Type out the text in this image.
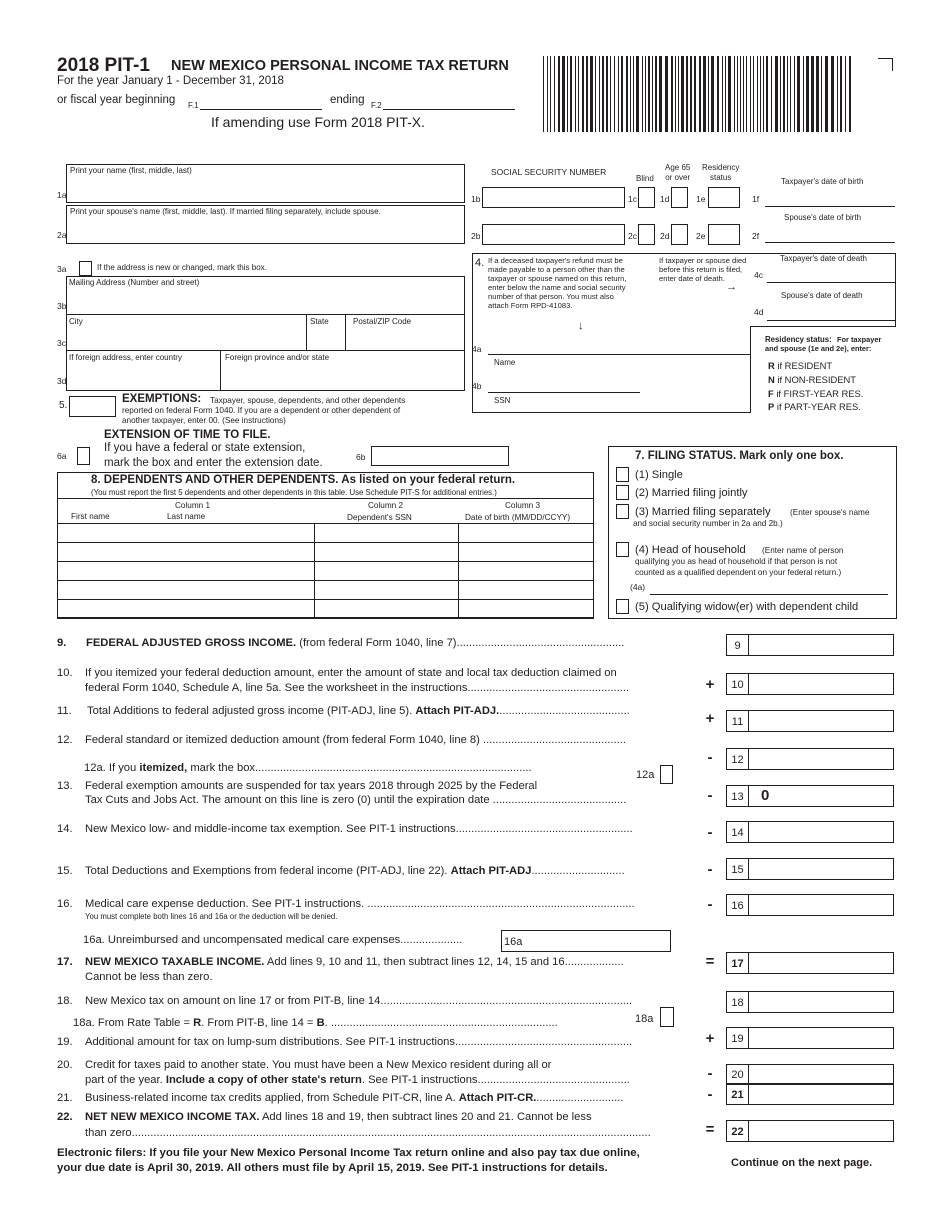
2018 PIT-1 NEW MEXICO PERSONAL INCOME TAX RETURN
For the year January 1 - December 31, 2018
or fiscal year beginning F.1	ending F.2
If amending use Form 2018 PIT-X.
1a
Print your name (first, middle, last)
2a
Print your spouse's name (first, middle, last). If married filing separately, include spouse.
SOCIAL SECURITY NUMBER
Blind
Age 65
or over
Residency
status	Taxpayer's date of birth
Spouse's date of birth
1b	1c	1d	1e	1f
2b	2c	2d	2e	2f
3a	If the address is new or changed, mark this box.
Mailing Address (Number and street)
3b
City	State	Postal/ZIP Code
3c
If foreign address, enter country	Foreign province and/or state
3d
4. If a deceased taxpayer's refund must be made payable to a person other than the taxpayer or spouse named on this return, enter below the name and social security number of that person. You must also attach Form RPD-41083.
↓
If taxpayer or spouse died before this return is filed, enter date of death.
→
Taxpayer's date of death
4c
Spouse's date of death
4d
4a
Name
4b
SSN
Residency status: For taxpayer and spouse (1e and 2e), enter:
R if RESIDENT
N if NON-RESIDENT
F if FIRST-YEAR RES.
P if PART-YEAR RES.
5.
EXEMPTIONS: Taxpayer, spouse, dependents, and other dependents
reported on federal Form 1040. If you are a dependent or other dependent of
another taxpayer, enter 00. (See instructions)
EXTENSION OF TIME TO FILE.
6a
If you have a federal or state extension,
mark the box and enter the extension date.	6b
8. DEPENDENTS AND OTHER DEPENDENTS. As listed on your federal return.
(You must report the first 5 dependents and other dependents in this table. Use Schedule PIT-S for additional entries.)
Column 1
First name	Last name
Column 2
Dependent's SSN
Column 3
Date of birth (MM/DD/CCYY)

7. FILING STATUS. Mark only one box.
(1) Single
(2) Married filing jointly
(3) Married filing separately (Enter spouse's name
and social security number in 2a and 2b.)
(4) Head of household (Enter name of person
qualifying you as head of household if that person is not
counted as a qualified dependent on your federal return.)
(4a)
(5) Qualifying widow(er) with dependent child
9. FEDERAL ADJUSTED GROSS INCOME. (from federal Form 1040, line 7)......................................................	9
10. If you itemized your federal deduction amount, enter the amount of state and local tax deduction claimed on
federal Form 1040, Schedule A, line 5a. See the worksheet in the instructions....................................................	+	10
11. Total Additions to federal adjusted gross income (PIT-ADJ, line 5). Attach PIT-ADJ...........................................	+	11
12. Federal standard or itemized deduction amount (from federal Form 1040, line 8) ..............................................
-	12
12a. If you itemized, mark the box.........................................................................................
12a
13. Federal exemption amounts are suspended for tax years 2018 through 2025 by the Federal
Tax Cuts and Jobs Act. The amount on this line is zero (0) until the expiration date ...........................................	-	13	0
14. New Mexico low- and middle-income tax exemption. See PIT-1 instructions.........................................................	-	14
15. Total Deductions and Exemptions from federal income (PIT-ADJ, line 22). Attach PIT-ADJ..............................	-	15
16. Medical care expense deduction. See PIT-1 instructions. ......................................................................................
You must complete both lines 16 and 16a or the deduction will be denied.
-	16
16a. Unreimbursed and uncompensated medical care expenses....................	16a
17. NEW MEXICO TAXABLE INCOME. Add lines 9, 10 and 11, then subtract lines 12, 14, 15 and 16...................
Cannot be less than zero.
=	17
18. New Mexico tax on amount on line 17 or from PIT-B, line 14.................................................................................	18
18a. From Rate Table = R. From PIT-B, line 14 = B. .........................................................................	18a
19. Additional amount for tax on lump-sum distributions. See PIT-1 instructions.........................................................	+	19
20. Credit for taxes paid to another state. You must have been a New Mexico resident during all or
part of the year. Include a copy of other state's return. See PIT-1 instructions.................................................	-	20
21. Business-related income tax credits applied, from Schedule PIT-CR, line A. Attach PIT-CR.............................	-	21
22. NET NEW MEXICO INCOME TAX. Add lines 18 and 19, then subtract lines 20 and 21. Cannot be less
than zero.......................................................................................................................................................................	=	22
Electronic filers: If you file your New Mexico Personal Income Tax return online and also pay tax due online,
your due date is April 30, 2019. All others must file by April 15, 2019. See PIT-1 instructions for details.	Continue on the next page.
